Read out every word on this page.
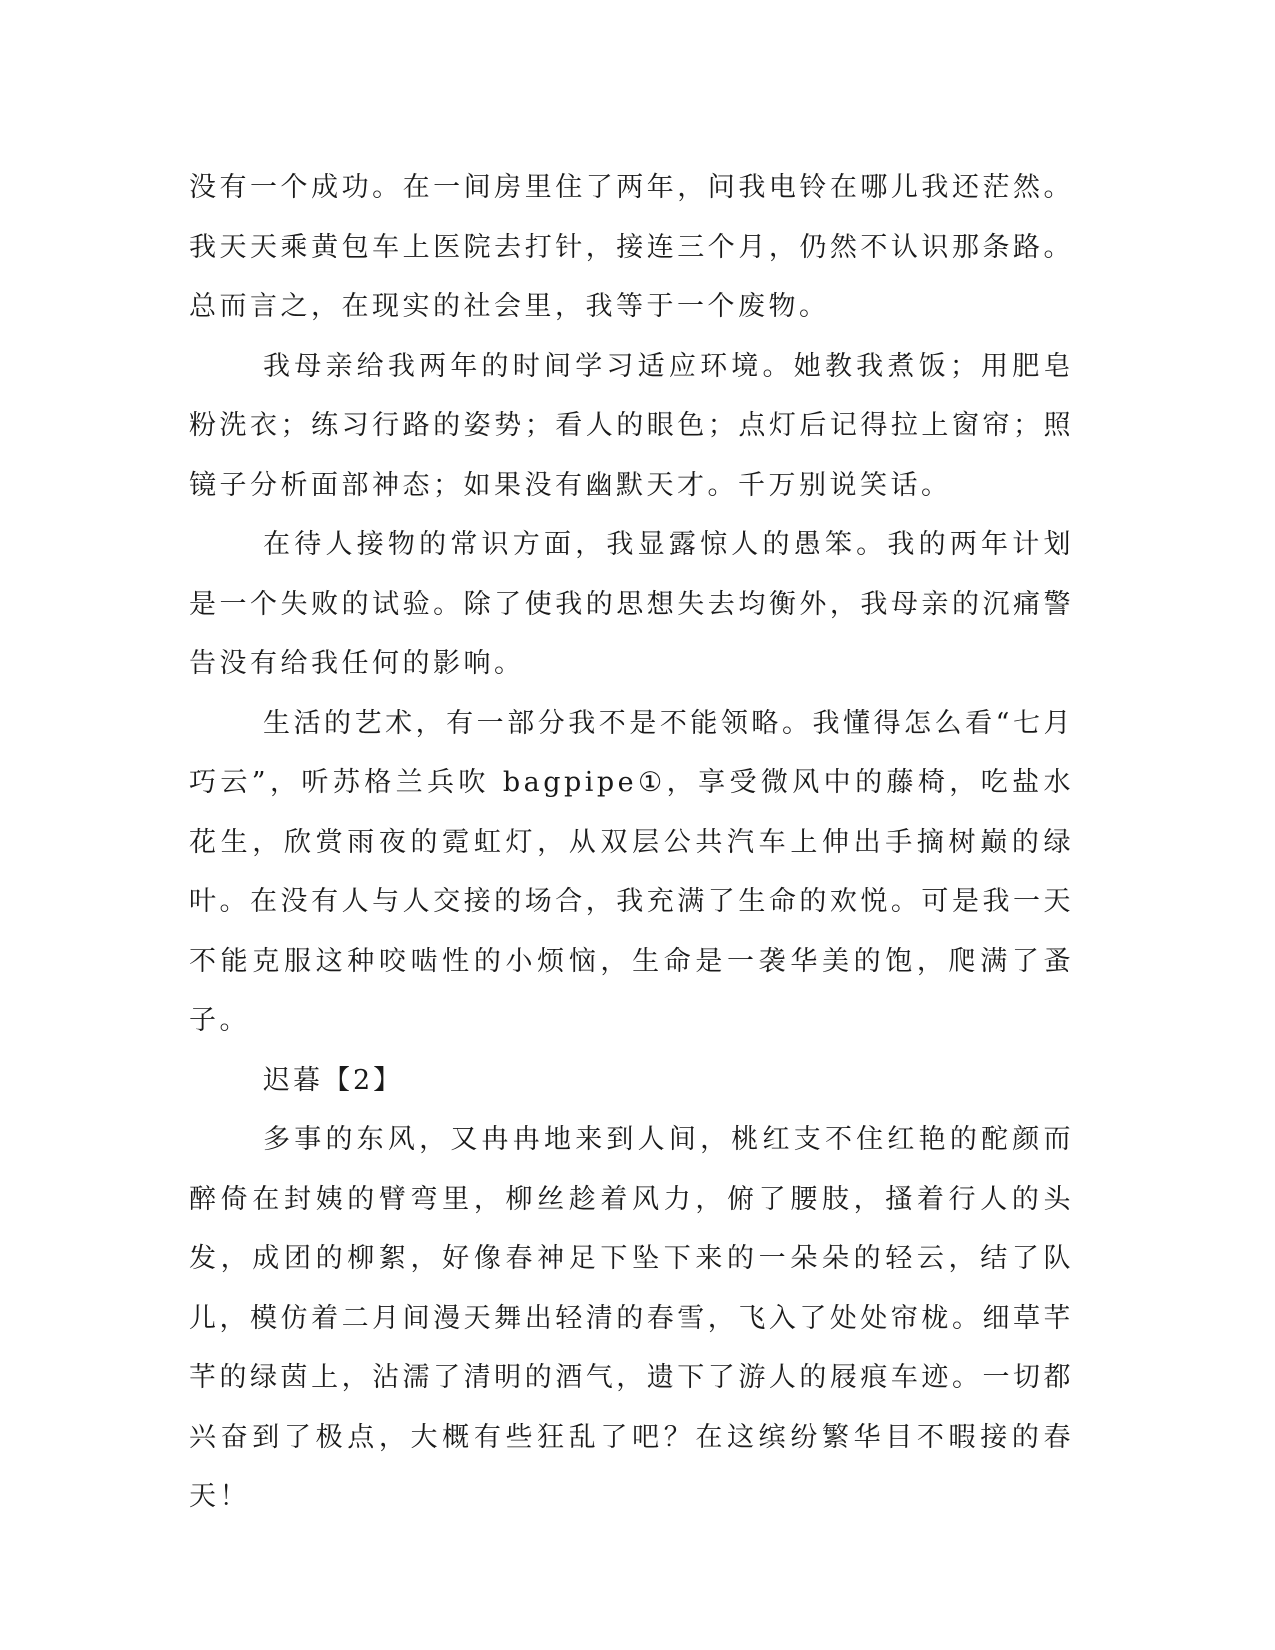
没有一个成功。在一间房里住了两年，问我电铃在哪儿我还茫然。我天天乘黄包车上医院去打针，接连三个月，仍然不认识那条路。总而言之，在现实的社会里，我等于一个废物。

我母亲给我两年的时间学习适应环境。她教我煮饭；用肥皂粉洗衣；练习行路的姿势；看人的眼色；点灯后记得拉上窗帘；照镜子分析面部神态；如果没有幽默天才。千万别说笑话。

在待人接物的常识方面，我显露惊人的愚笨。我的两年计划是一个失败的试验。除了使我的思想失去均衡外，我母亲的沉痛警告没有给我任何的影响。

生活的艺术，有一部分我不是不能领略。我懂得怎么看“七月巧云”，听苏格兰兵吹 bagpipe①，享受微风中的藤椅，吃盐水花生，欣赏雨夜的霓虹灯，从双层公共汽车上伸出手摘树巅的绿叶。在没有人与人交接的场合，我充满了生命的欢悦。可是我一天不能克服这种咬啮性的小烦恼，生命是一袭华美的饱，爬满了蚤子。

迟暮【2】

多事的东风，又冉冉地来到人间，桃红支不住红艳的酡颜而醉倚在封姨的臂弯里，柳丝趁着风力，俯了腰肢，搔着行人的头发，成团的柳絮，好像春神足下坠下来的一朵朵的轻云，结了队儿，模仿着二月间漫天舞出轻清的春雪，飞入了处处帘栊。细草芊芊的绿茵上，沾濡了清明的酒气，遗下了游人的屐痕车迹。一切都兴奋到了极点，大概有些狂乱了吧？在这缤纷繁华目不暇接的春天！
